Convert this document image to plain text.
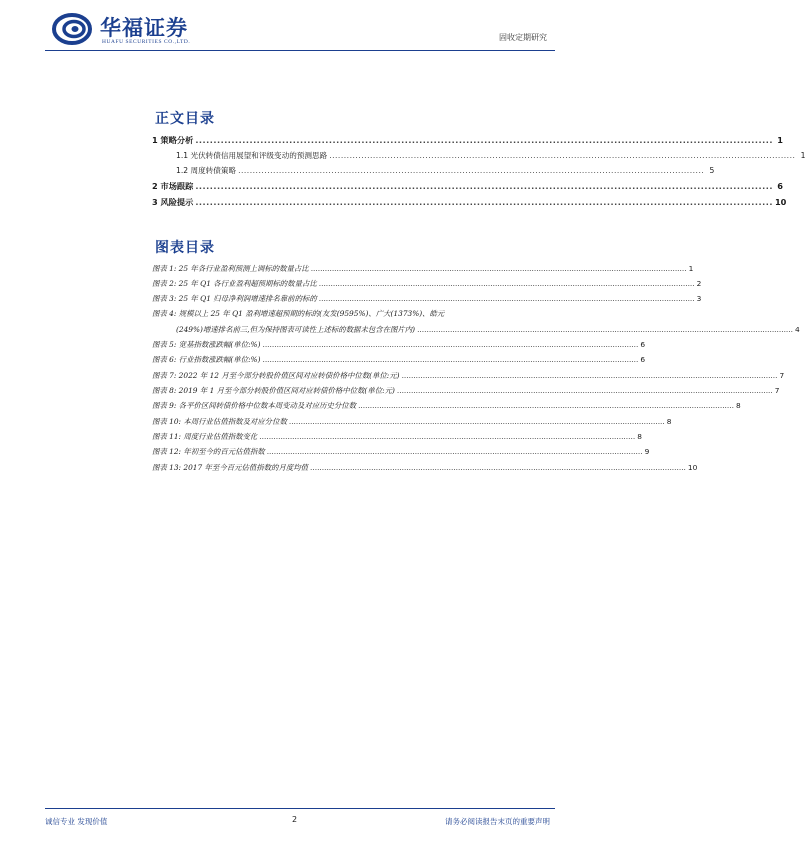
华福证券
HUAFU SECURITIES CO.,LTD.	固收定期研究
正文目录
1 策略分析 ................................................................................................................................................................ 1
1.1 光伏转债信用展望和评级变动的预测思路 ................................................................................................................................................................ 1
1.2 周度转债策略 ................................................................................................................................................................ 5
2 市场跟踪 ................................................................................................................................................................ 6
3 风险提示 ................................................................................................................................................................ 10
图表目录
图表 1: 25 年各行业盈利预测上调标的数量占比 ................................................................................................................................................................ 1
图表 2: 25 年 Q1 各行业盈利超预期标的数量占比 ................................................................................................................................................................ 2
图表 3: 25 年 Q1 归母净利润增速排名靠前的标的 ................................................................................................................................................................ 3
图表 4: 规模以上 25 年 Q1 盈利增速超预期的标的(友发(9595%)、广大(1373%)、皓元
(249%)增速排名前三,但为保持图表可读性上述标的数据未包含在图片内) ................................................................................................................................................................ 4
图表 5: 宽基指数涨跌幅(单位:%) ................................................................................................................................................................ 6
图表 6: 行业指数涨跌幅(单位:%) ................................................................................................................................................................ 6
图表 7: 2022 年 12 月至今部分转股价值区间对应转债价格中位数(单位:元) ................................................................................................................................................................ 7
图表 8: 2019 年 1 月至今部分转股价值区间对应转债价格中位数(单位:元) ................................................................................................................................................................ 7
图表 9: 各平价区间转债价格中位数本周变动及对应历史分位数 ................................................................................................................................................................ 8
图表 10: 本周行业估值指数及对应分位数 ................................................................................................................................................................ 8
图表 11: 周度行业估值指数变化 ................................................................................................................................................................ 8
图表 12: 年初至今的百元估值指数 ................................................................................................................................................................ 9
图表 13: 2017 年至今百元估值指数的月度均值 ................................................................................................................................................................ 10
诚信专业 发现价值	2	请务必阅读报告末页的重要声明
